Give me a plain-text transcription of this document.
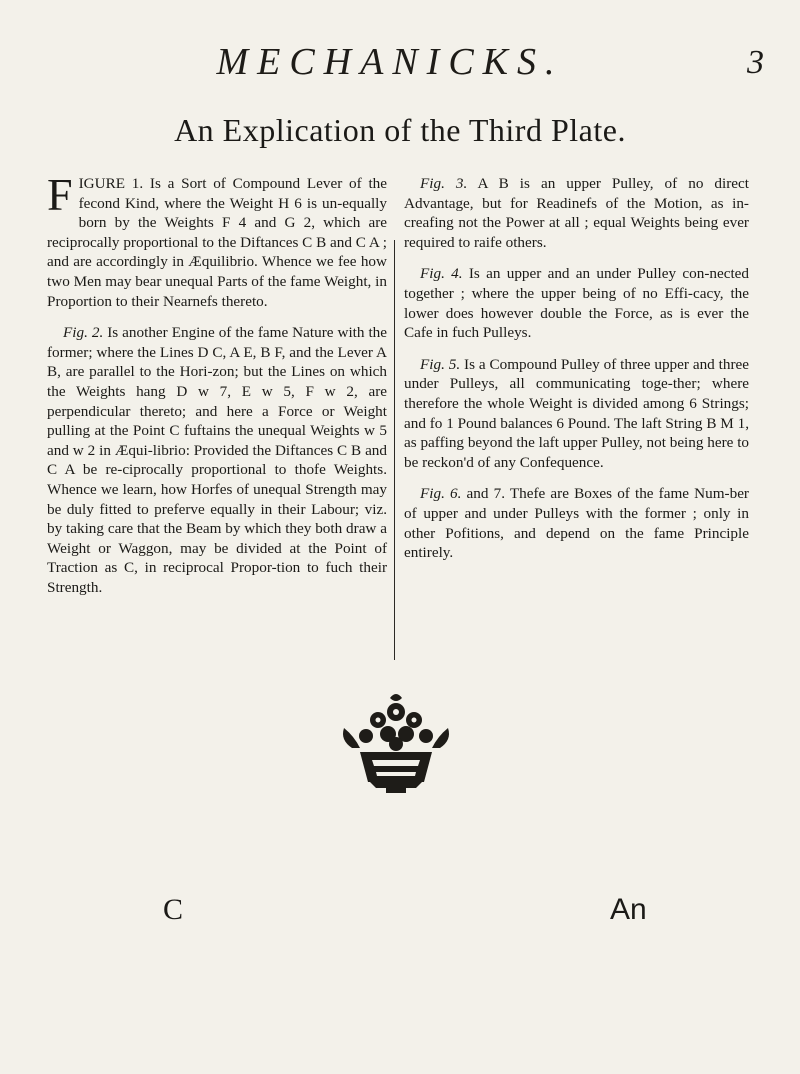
MECHANICKS.	3
An Explication of the Third Plate.

FIGURE 1. Is a Sort of Compound Lever of the fecond Kind, where the Weight H 6 is un-equally born by the Weights F 4 and G 2, which are reciprocally proportional to the Diftances C B and C A ; and are accordingly in Æquilibrio. Whence we fee how two Men may bear unequal Parts of the fame Weight, in Proportion to their Nearnefs thereto.

Fig. 2. Is another Engine of the fame Nature with the former; where the Lines D C, A E, B F, and the Lever A B, are parallel to the Hori-zon; but the Lines on which the Weights hang D w 7, E w 5, F w 2, are perpendicular thereto; and here a Force or Weight pulling at the Point C fuftains the unequal Weights w 5 and w 2 in Æqui-librio: Provided the Diftances C B and C A be re-ciprocally proportional to thofe Weights. Whence we learn, how Horfes of unequal Strength may be duly fitted to preferve equally in their Labour; viz. by taking care that the Beam by which they both draw a Weight or Waggon, may be divided at the Point of Traction as C, in reciprocal Propor-tion to fuch their Strength.

Fig. 3. A B is an upper Pulley, of no direct Advantage, but for Readinefs of the Motion, as in-creafing not the Power at all ; equal Weights being ever required to raife others.

Fig. 4. Is an upper and an under Pulley con-nected together ; where the upper being of no Effi-cacy, the lower does however double the Force, as is ever the Cafe in fuch Pulleys.

Fig. 5. Is a Compound Pulley of three upper and three under Pulleys, all communicating toge-ther; where therefore the whole Weight is divided among 6 Strings; and fo 1 Pound balances 6 Pound. The laft String B M 1, as paffing beyond the laft upper Pulley, not being here to be reckon'd of any Confequence.

Fig. 6. and 7. Thefe are Boxes of the fame Num-ber of upper and under Pulleys with the former ; only in other Pofitions, and depend on the fame Principle entirely.

C	An
